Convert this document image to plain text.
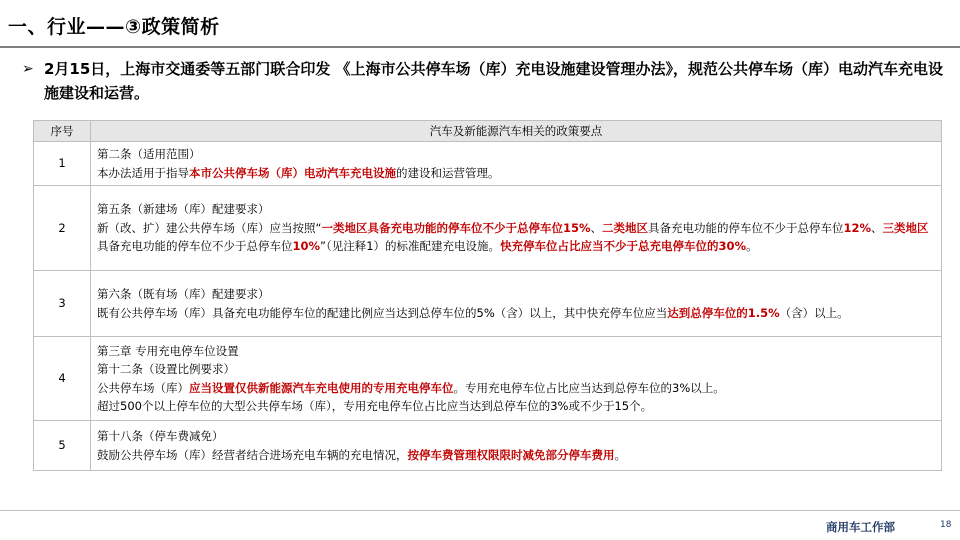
一、行业——③政策简析
➢ 2月15日，上海市交通委等五部门联合印发 《上海市公共停车场（库）充电设施建设管理办法》，规范公共停车场（库）电动汽车充电设施建设和运营。
序号	汽车及新能源汽车相关的政策要点
1	第二条（适用范围）
本办法适用于指导本市公共停车场（库）电动汽车充电设施的建设和运营管理。

2	第五条（新建场（库）配建要求）
新（改、扩）建公共停车场（库）应当按照“一类地区具备充电功能的停车位不少于总停车位15%、二类地区具备充电功能的停车位不少于总停车位12%、三类地区具备充电功能的停车位不少于总停车位10%”（见注释1）的标准配建充电设施。快充停车位占比应当不少于总充电停车位的30%。

3	第六条（既有场（库）配建要求）
既有公共停车场（库）具备充电功能停车位的配建比例应当达到总停车位的5%（含）以上，其中快充停车位应当达到总停车位的1.5%（含）以上。

4	第三章 专用充电停车位设置
第十二条（设置比例要求）
公共停车场（库）应当设置仅供新能源汽车充电使用的专用充电停车位。专用充电停车位占比应当达到总停车位的3%以上。
超过500个以上停车位的大型公共停车场（库），专用充电停车位占比应当达到总停车位的3%或不少于15个。

5	第十八条（停车费减免）
鼓励公共停车场（库）经营者结合进场充电车辆的充电情况，按停车费管理权限限时减免部分停车费用。
商用车工作部	18
